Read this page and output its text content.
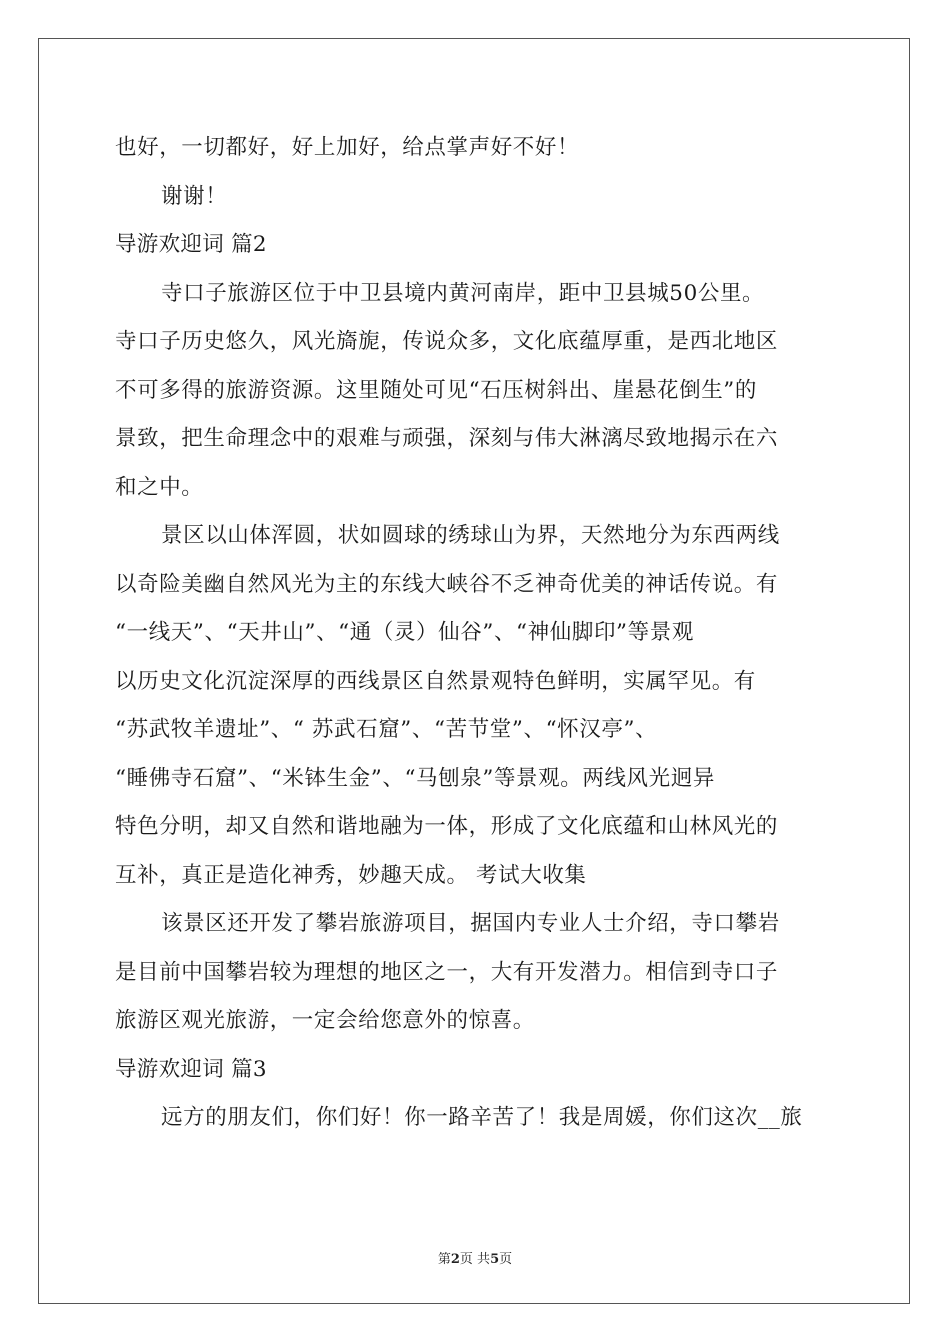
也好，一切都好，好上加好，给点掌声好不好！
谢谢！
导游欢迎词 篇2
寺口子旅游区位于中卫县境内黄河南岸，距中卫县城50公里。
寺口子历史悠久，风光旖旎，传说众多，文化底蕴厚重，是西北地区
不可多得的旅游资源。这里随处可见“石压树斜出、崖悬花倒生”的
景致，把生命理念中的艰难与顽强，深刻与伟大淋漓尽致地揭示在六
和之中。
景区以山体浑圆，状如圆球的绣球山为界，天然地分为东西两线
以奇险美幽自然风光为主的东线大峡谷不乏神奇优美的神话传说。有
“一线天”、“天井山”、“通（灵）仙谷”、“神仙脚印”等景观
以历史文化沉淀深厚的西线景区自然景观特色鲜明，实属罕见。有
“苏武牧羊遗址”、“ 苏武石窟”、“苦节堂”、“怀汉亭”、
“睡佛寺石窟”、“米钵生金”、“马刨泉”等景观。两线风光迥异
特色分明，却又自然和谐地融为一体，形成了文化底蕴和山林风光的
互补，真正是造化神秀，妙趣天成。 考试大收集
该景区还开发了攀岩旅游项目，据国内专业人士介绍，寺口攀岩
是目前中国攀岩较为理想的地区之一，大有开发潜力。相信到寺口子
旅游区观光旅游，一定会给您意外的惊喜。
导游欢迎词 篇3
远方的朋友们，你们好！你一路辛苦了！我是周媛，你们这次__旅
第2页 共5页
